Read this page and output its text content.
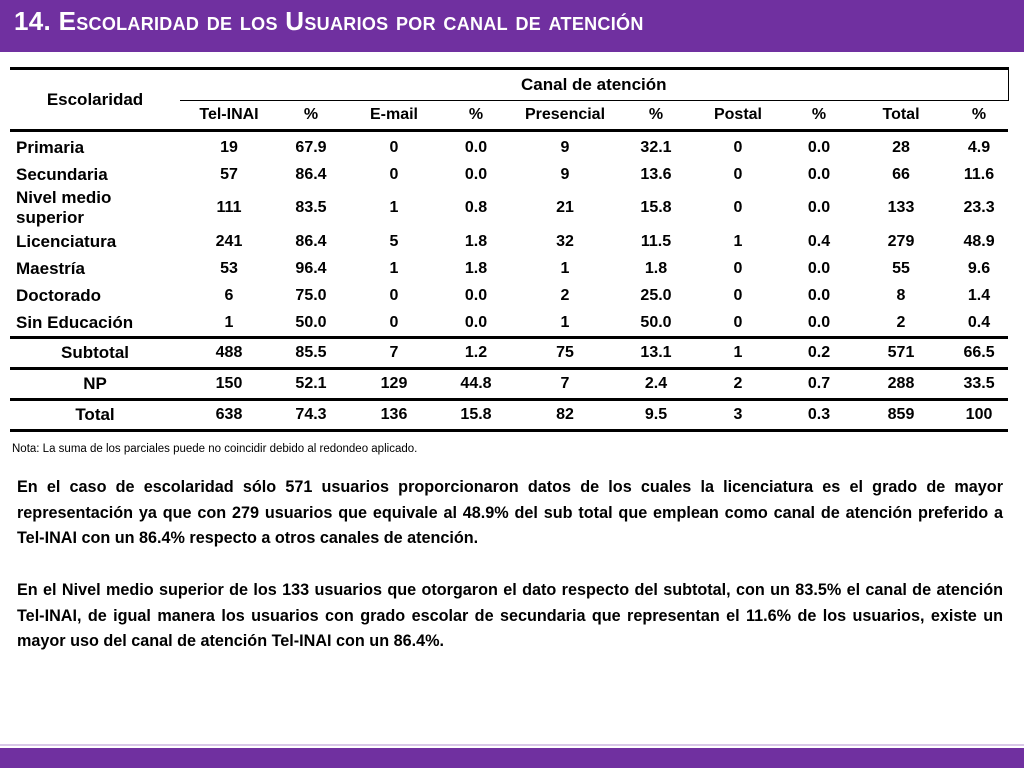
14. Escolaridad de los Usuarios por canal de atención
Escolaridad	Canal de atención									
	Tel-INAI	%	E-mail	%	Presencial	%	Postal	%	Total	%
Primaria	19	67.9	0	0.0	9	32.1	0	0.0	28	4.9
Secundaria	57	86.4	0	0.0	9	13.6	0	0.0	66	11.6
Nivel medio superior	111	83.5	1	0.8	21	15.8	0	0.0	133	23.3
Licenciatura	241	86.4	5	1.8	32	11.5	1	0.4	279	48.9
Maestría	53	96.4	1	1.8	1	1.8	0	0.0	55	9.6
Doctorado	6	75.0	0	0.0	2	25.0	0	0.0	8	1.4
Sin Educación	1	50.0	0	0.0	1	50.0	0	0.0	2	0.4
Subtotal	488	85.5	7	1.2	75	13.1	1	0.2	571	66.5
NP	150	52.1	129	44.8	7	2.4	2	0.7	288	33.5
Total	638	74.3	136	15.8	82	9.5	3	0.3	859	100
Nota: La suma de los parciales puede no coincidir debido al redondeo aplicado.

En el caso de escolaridad sólo 571 usuarios proporcionaron datos de los cuales la licenciatura es el grado de mayor representación ya que con 279 usuarios que equivale al 48.9% del sub total que emplean como canal de atención preferido a Tel-INAI con un 86.4% respecto a otros canales de atención.

En el Nivel medio superior de los 133 usuarios que otorgaron el dato respecto del subtotal, con un 83.5% el canal de atención Tel-INAI, de igual manera los usuarios con grado escolar de secundaria que representan el 11.6% de los usuarios, existe un mayor uso del canal de atención Tel-INAI con un 86.4%.
